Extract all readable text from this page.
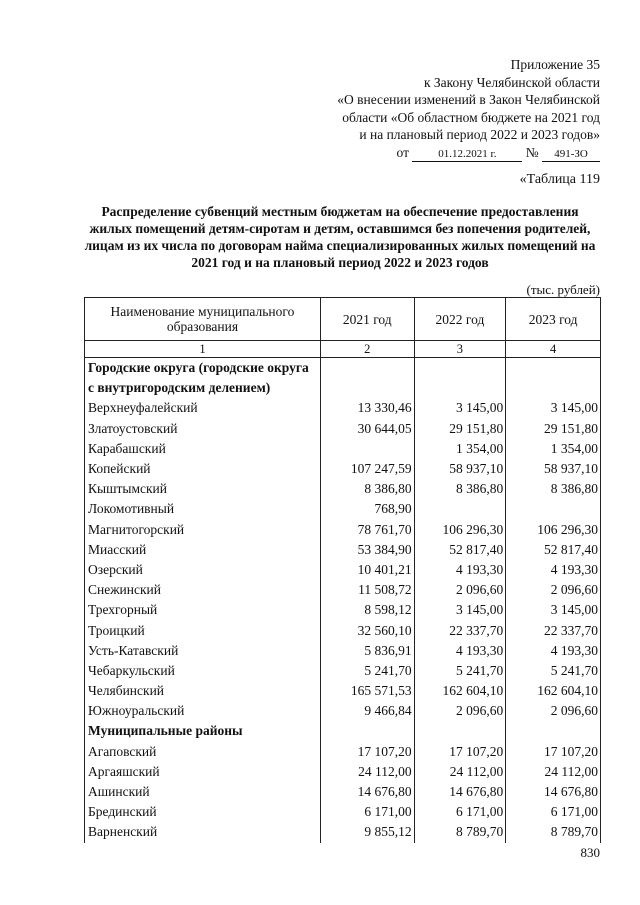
Приложение 35
к Закону Челябинской области
«О внесении изменений в Закон Челябинской
области «Об областном бюджете на 2021 год
и на плановый период 2022 и 2023 годов»
от	01.12.2021 г. № 491-ЗО
«Таблица 119
Распределение субвенций местным бюджетам на обеспечение предоставления жилых помещений детям-сиротам и детям, оставшимся без попечения родителей, лицам из их числа по договорам найма специализированных жилых помещений на 2021 год и на плановый период 2022 и 2023 годов
(тыс. рублей)
Наименование муниципального образования	2021 год	2022 год	2023 год
1	2	3	4
Городские округа (городские округа			
с внутригородским делением)			
Верхнеуфалейский	13 330,46	3 145,00	3 145,00
Златоустовский	30 644,05	29 151,80	29 151,80
Карабашский		1 354,00	1 354,00
Копейский	107 247,59	58 937,10	58 937,10
Кыштымский	8 386,80	8 386,80	8 386,80
Локомотивный	768,90		
Магнитогорский	78 761,70	106 296,30	106 296,30
Миасский	53 384,90	52 817,40	52 817,40
Озерский	10 401,21	4 193,30	4 193,30
Снежинский	11 508,72	2 096,60	2 096,60
Трехгорный	8 598,12	3 145,00	3 145,00
Троицкий	32 560,10	22 337,70	22 337,70
Усть-Катавский	5 836,91	4 193,30	4 193,30
Чебаркульский	5 241,70	5 241,70	5 241,70
Челябинский	165 571,53	162 604,10	162 604,10
Южноуральский	9 466,84	2 096,60	2 096,60
Муниципальные районы			
Агаповский	17 107,20	17 107,20	17 107,20
Аргаяшский	24 112,00	24 112,00	24 112,00
Ашинский	14 676,80	14 676,80	14 676,80
Брединский	6 171,00	6 171,00	6 171,00
Варненский	9 855,12	8 789,70	8 789,70
830
